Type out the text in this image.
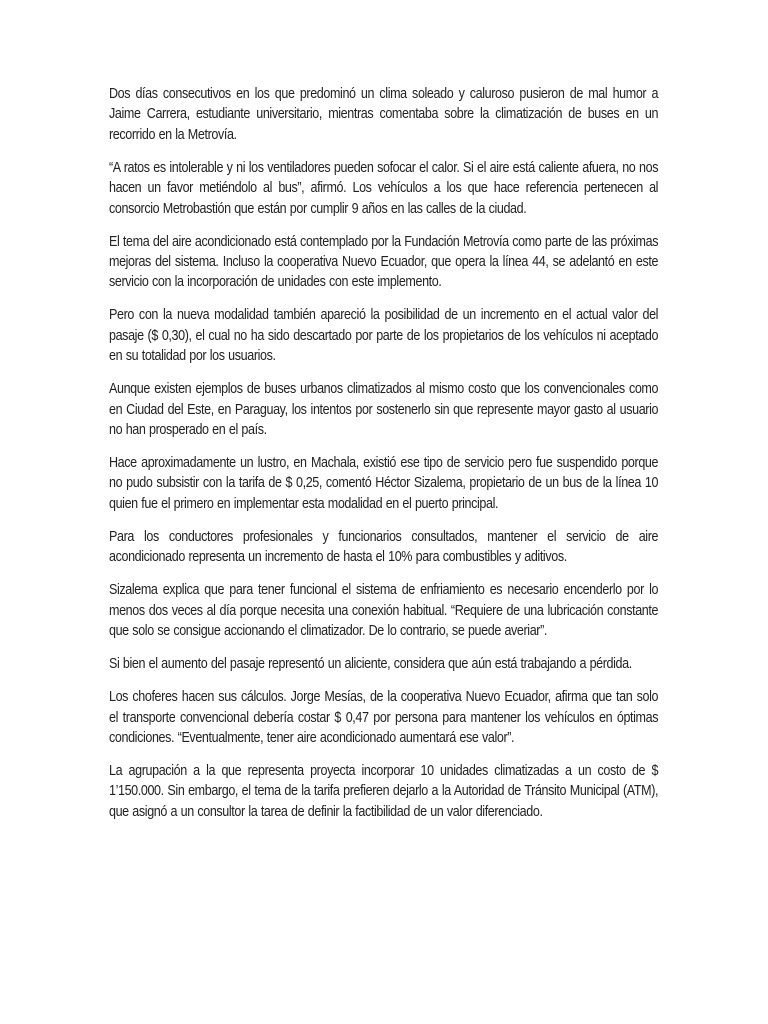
Dos días consecutivos en los que predominó un clima soleado y caluroso pusieron de mal humor a Jaime Carrera, estudiante universitario, mientras comentaba sobre la climatización de buses en un recorrido en la Metrovía.

“A ratos es intolerable y ni los ventiladores pueden sofocar el calor. Si el aire está caliente afuera, no nos hacen un favor metiéndolo al bus”, afirmó. Los vehículos a los que hace referencia pertenecen al consorcio Metrobastión que están por cumplir 9 años en las calles de la ciudad.

El tema del aire acondicionado está contemplado por la Fundación Metrovía como parte de las próximas mejoras del sistema. Incluso la cooperativa Nuevo Ecuador, que opera la línea 44, se adelantó en este servicio con la incorporación de unidades con este implemento.

Pero con la nueva modalidad también apareció la posibilidad de un incremento en el actual valor del pasaje ($ 0,30), el cual no ha sido descartado por parte de los propietarios de los vehículos ni aceptado en su totalidad por los usuarios.

Aunque existen ejemplos de buses urbanos climatizados al mismo costo que los convencionales como en Ciudad del Este, en Paraguay, los intentos por sostenerlo sin que represente mayor gasto al usuario no han prosperado en el país.

Hace aproximadamente un lustro, en Machala, existió ese tipo de servicio pero fue suspendido porque no pudo subsistir con la tarifa de $ 0,25, comentó Héctor Sizalema, propietario de un bus de la línea 10 quien fue el primero en implementar esta modalidad en el puerto principal.

Para los conductores profesionales y funcionarios consultados, mantener el servicio de aire acondicionado representa un incremento de hasta el 10% para combustibles y aditivos.

Sizalema explica que para tener funcional el sistema de enfriamiento es necesario encenderlo por lo menos dos veces al día porque necesita una conexión habitual. “Requiere de una lubricación constante que solo se consigue accionando el climatizador. De lo contrario, se puede averiar”.

Si bien el aumento del pasaje representó un aliciente, considera que aún está trabajando a pérdida.

Los choferes hacen sus cálculos. Jorge Mesías, de la cooperativa Nuevo Ecuador, afirma que tan solo el transporte convencional debería costar $ 0,47 por persona para mantener los vehículos en óptimas condiciones. “Eventualmente, tener aire acondicionado aumentará ese valor”.

La agrupación a la que representa proyecta incorporar 10 unidades climatizadas a un costo de $ 1’150.000. Sin embargo, el tema de la tarifa prefieren dejarlo a la Autoridad de Tránsito Municipal (ATM), que asignó a un consultor la tarea de definir la factibilidad de un valor diferenciado.
